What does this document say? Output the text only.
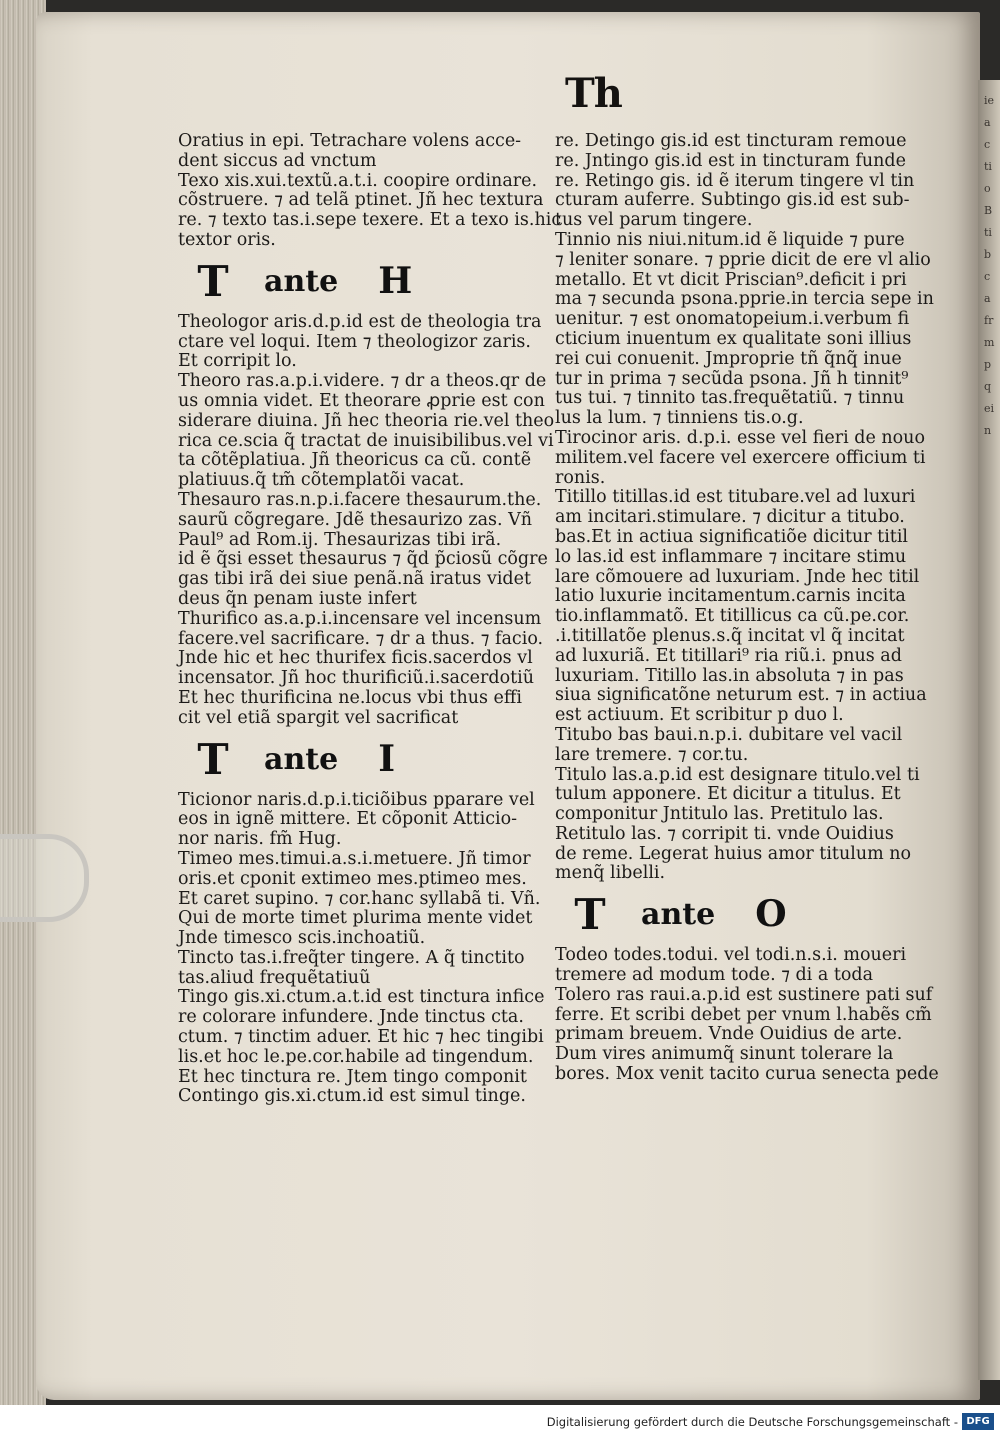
ie
a
c
ti
o
B
ti
b
c
a
fr
m
p
q
ei
n
Th
Oratius in epi. Tetrachare volens acce-
dent siccus ad vnctum
Texo xis.xui.textũ.a.t.i. coopire ordinare.
cõstruere. ⁊ ad telã ptinet. Jñ hec textura
re. ⁊ texto tas.i.sepe texere. Et a texo is.hic
textor oris.
T	ante H
Theologor aris.d.p.id est de theologia tra
ctare vel loqui. Item ⁊ theologizor zaris.
Et corripit lo.
Theoro ras.a.p.i.videre. ⁊ dr a theos.qr de
us omnia videt. Et theorare ꝓprie est con
siderare diuina. Jñ hec theoria rie.vel theo
rica ce.scia q̃ tractat de inuisibilibus.vel vi
ta cõtẽplatiua. Jñ theoricus ca cũ. contẽ
platiuus.q̃ tm̃ cõtemplatõi vacat.
Thesauro ras.n.p.i.facere thesaurum.the.
saurũ cõgregare. Jdẽ thesaurizo zas. Vñ
Paul⁹ ad Rom.ij. Thesaurizas tibi irã.
id ẽ q̃si esset thesaurus ⁊ q̃d p̃ciosũ cõgre
gas tibi irã dei siue penã.nã iratus videt
deus q̃n penam iuste infert
Thurifico as.a.p.i.incensare vel incensum
facere.vel sacrificare. ⁊ dr a thus. ⁊ facio.
Jnde hic et hec thurifex ficis.sacerdos vl
incensator. Jñ hoc thurificiũ.i.sacerdotiũ
Et hec thurificina ne.locus vbi thus effi
cit vel etiã spargit vel sacrificat
T	ante I
Ticionor naris.d.p.i.ticiõibus pparare vel
eos in ignẽ mittere. Et cõponit Atticio-
nor naris. fm̃ Hug.
Timeo mes.timui.a.s.i.metuere. Jñ timor
oris.et cponit extimeo mes.ptimeo mes.
Et caret supino. ⁊ cor.hanc syllabã ti. Vñ.
Qui de morte timet plurima mente videt
Jnde timesco scis.inchoatiũ.
Tincto tas.i.freq̃ter tingere. A q̃ tinctito
tas.aliud frequẽtatiuũ
Tingo gis.xi.ctum.a.t.id est tinctura infice
re colorare infundere. Jnde tinctus cta.
ctum. ⁊ tinctim aduer. Et hic ⁊ hec tingibi
lis.et hoc le.pe.cor.habile ad tingendum.
Et hec tinctura re. Jtem tingo componit
Contingo gis.xi.ctum.id est simul tinge.
re. Detingo gis.id est tincturam remoue
re. Jntingo gis.id est in tincturam funde
re. Retingo gis. id ẽ iterum tingere vl tin
cturam auferre. Subtingo gis.id est sub-
tus vel parum tingere.
Tinnio nis niui.nitum.id ẽ liquide ⁊ pure
⁊ leniter sonare. ⁊ pprie dicit de ere vl alio
metallo. Et vt dicit Priscian⁹.deficit i pri
ma ⁊ secunda psona.pprie.in tercia sepe in
uenitur. ⁊ est onomatopeium.i.verbum fi
cticium inuentum ex qualitate soni illius
rei cui conuenit. Jmproprie tñ q̃nq̃ inue
tur in prima ⁊ secũda psona. Jñ h tinnit⁹
tus tui. ⁊ tinnito tas.frequẽtatiũ. ⁊ tinnu
lus la lum. ⁊ tinniens tis.o.g.
Tirocinor aris. d.p.i. esse vel fieri de nouo
militem.vel facere vel exercere officium ti
ronis.
Titillo titillas.id est titubare.vel ad luxuri
am incitari.stimulare. ⁊ dicitur a titubo.
bas.Et in actiua significatiõe dicitur titil
lo las.id est inflammare ⁊ incitare stimu
lare cõmouere ad luxuriam. Jnde hec titil
latio luxurie incitamentum.carnis incita
tio.inflammatõ. Et titillicus ca cũ.pe.cor.
.i.titillatõe plenus.s.q̃ incitat vl q̃ incitat
ad luxuriã. Et titillari⁹ ria riũ.i. pnus ad
luxuriam. Titillo las.in absoluta ⁊ in pas
siua significatõne neturum est. ⁊ in actiua
est actiuum. Et scribitur p duo l.
Titubo bas baui.n.p.i. dubitare vel vacil
lare tremere. ⁊ cor.tu.
Titulo las.a.p.id est designare titulo.vel ti
tulum apponere. Et dicitur a titulus. Et
componitur Jntitulo las. Pretitulo las.
Retitulo las. ⁊ corripit ti. vnde Ouidius
de reme. Legerat huius amor titulum no
menq̃ libelli.
T	ante O
Todeo todes.todui. vel todi.n.s.i. moueri
tremere ad modum tode. ⁊ di a toda
Tolero ras raui.a.p.id est sustinere pati suf
ferre. Et scribi debet per vnum l.habẽs cm̃
primam breuem. Vnde Ouidius de arte.
Dum vires animumq̃ sinunt tolerare la
bores. Mox venit tacito curua senecta pede
Digitalisierung gefördert durch die Deutsche Forschungsgemeinschaft - DFG
